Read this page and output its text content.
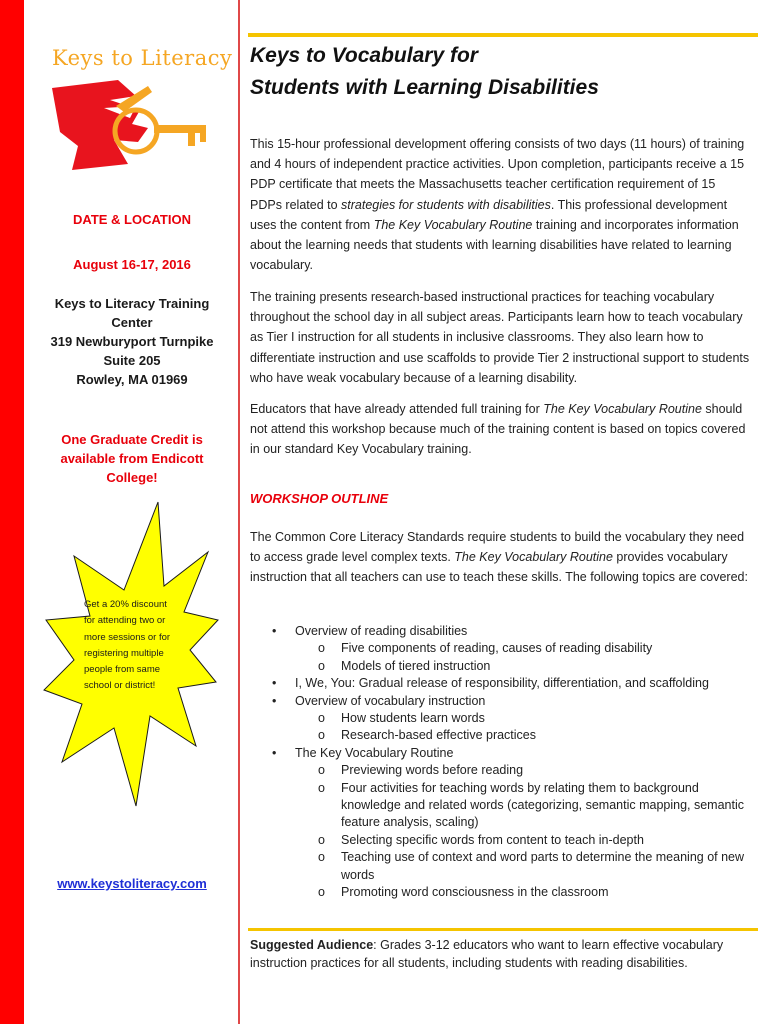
Keys to Literacy
DATE & LOCATION
August 16-17, 2016
Keys to Literacy Training
Center
319 Newburyport Turnpike
Suite 205
Rowley, MA 01969
One Graduate Credit is
available from Endicott
College!
Get a 20% discount
for attending two or
more sessions or for
registering multiple
people from same
school or district!
www.keystoliteracy.com
Keys to Vocabulary for
Students with Learning Disabilities
This 15-hour professional development offering consists of two days (11 hours) of training and 4 hours of independent practice activities. Upon completion, participants receive a 15 PDP certificate that meets the Massachusetts teacher certification requirement of 15 PDPs related to strategies for students with disabilities. This professional development uses the content from The Key Vocabulary Routine training and incorporates information about the learning needs that students with learning disabilities have related to learning vocabulary.
The training presents research-based instructional practices for teaching vocabulary throughout the school day in all subject areas. Participants learn how to teach vocabulary as Tier I instruction for all students in inclusive classrooms. They also learn how to differentiate instruction and use scaffolds to provide Tier 2 instructional support to students who have weak vocabulary because of a learning disability.
Educators that have already attended full training for The Key Vocabulary Routine should not attend this workshop because much of the training content is based on topics covered in our standard Key Vocabulary training.
WORKSHOP OUTLINE
The Common Core Literacy Standards require students to build the vocabulary they need to access grade level complex texts. The Key Vocabulary Routine provides vocabulary instruction that all teachers can use to teach these skills. The following topics are covered:
• Overview of reading disabilities
o Five components of reading, causes of reading disability
o Models of tiered instruction
• I, We, You: Gradual release of responsibility, differentiation, and scaffolding
• Overview of vocabulary instruction
o How students learn words
o Research-based effective practices
• The Key Vocabulary Routine
o Previewing words before reading
o Four activities for teaching words by relating them to background knowledge and related words (categorizing, semantic mapping, semantic feature analysis, scaling)
o Selecting specific words from content to teach in-depth
o Teaching use of context and word parts to determine the meaning of new words
o Promoting word consciousness in the classroom
Suggested Audience: Grades 3-12 educators who want to learn effective vocabulary instruction practices for all students, including students with reading disabilities.
